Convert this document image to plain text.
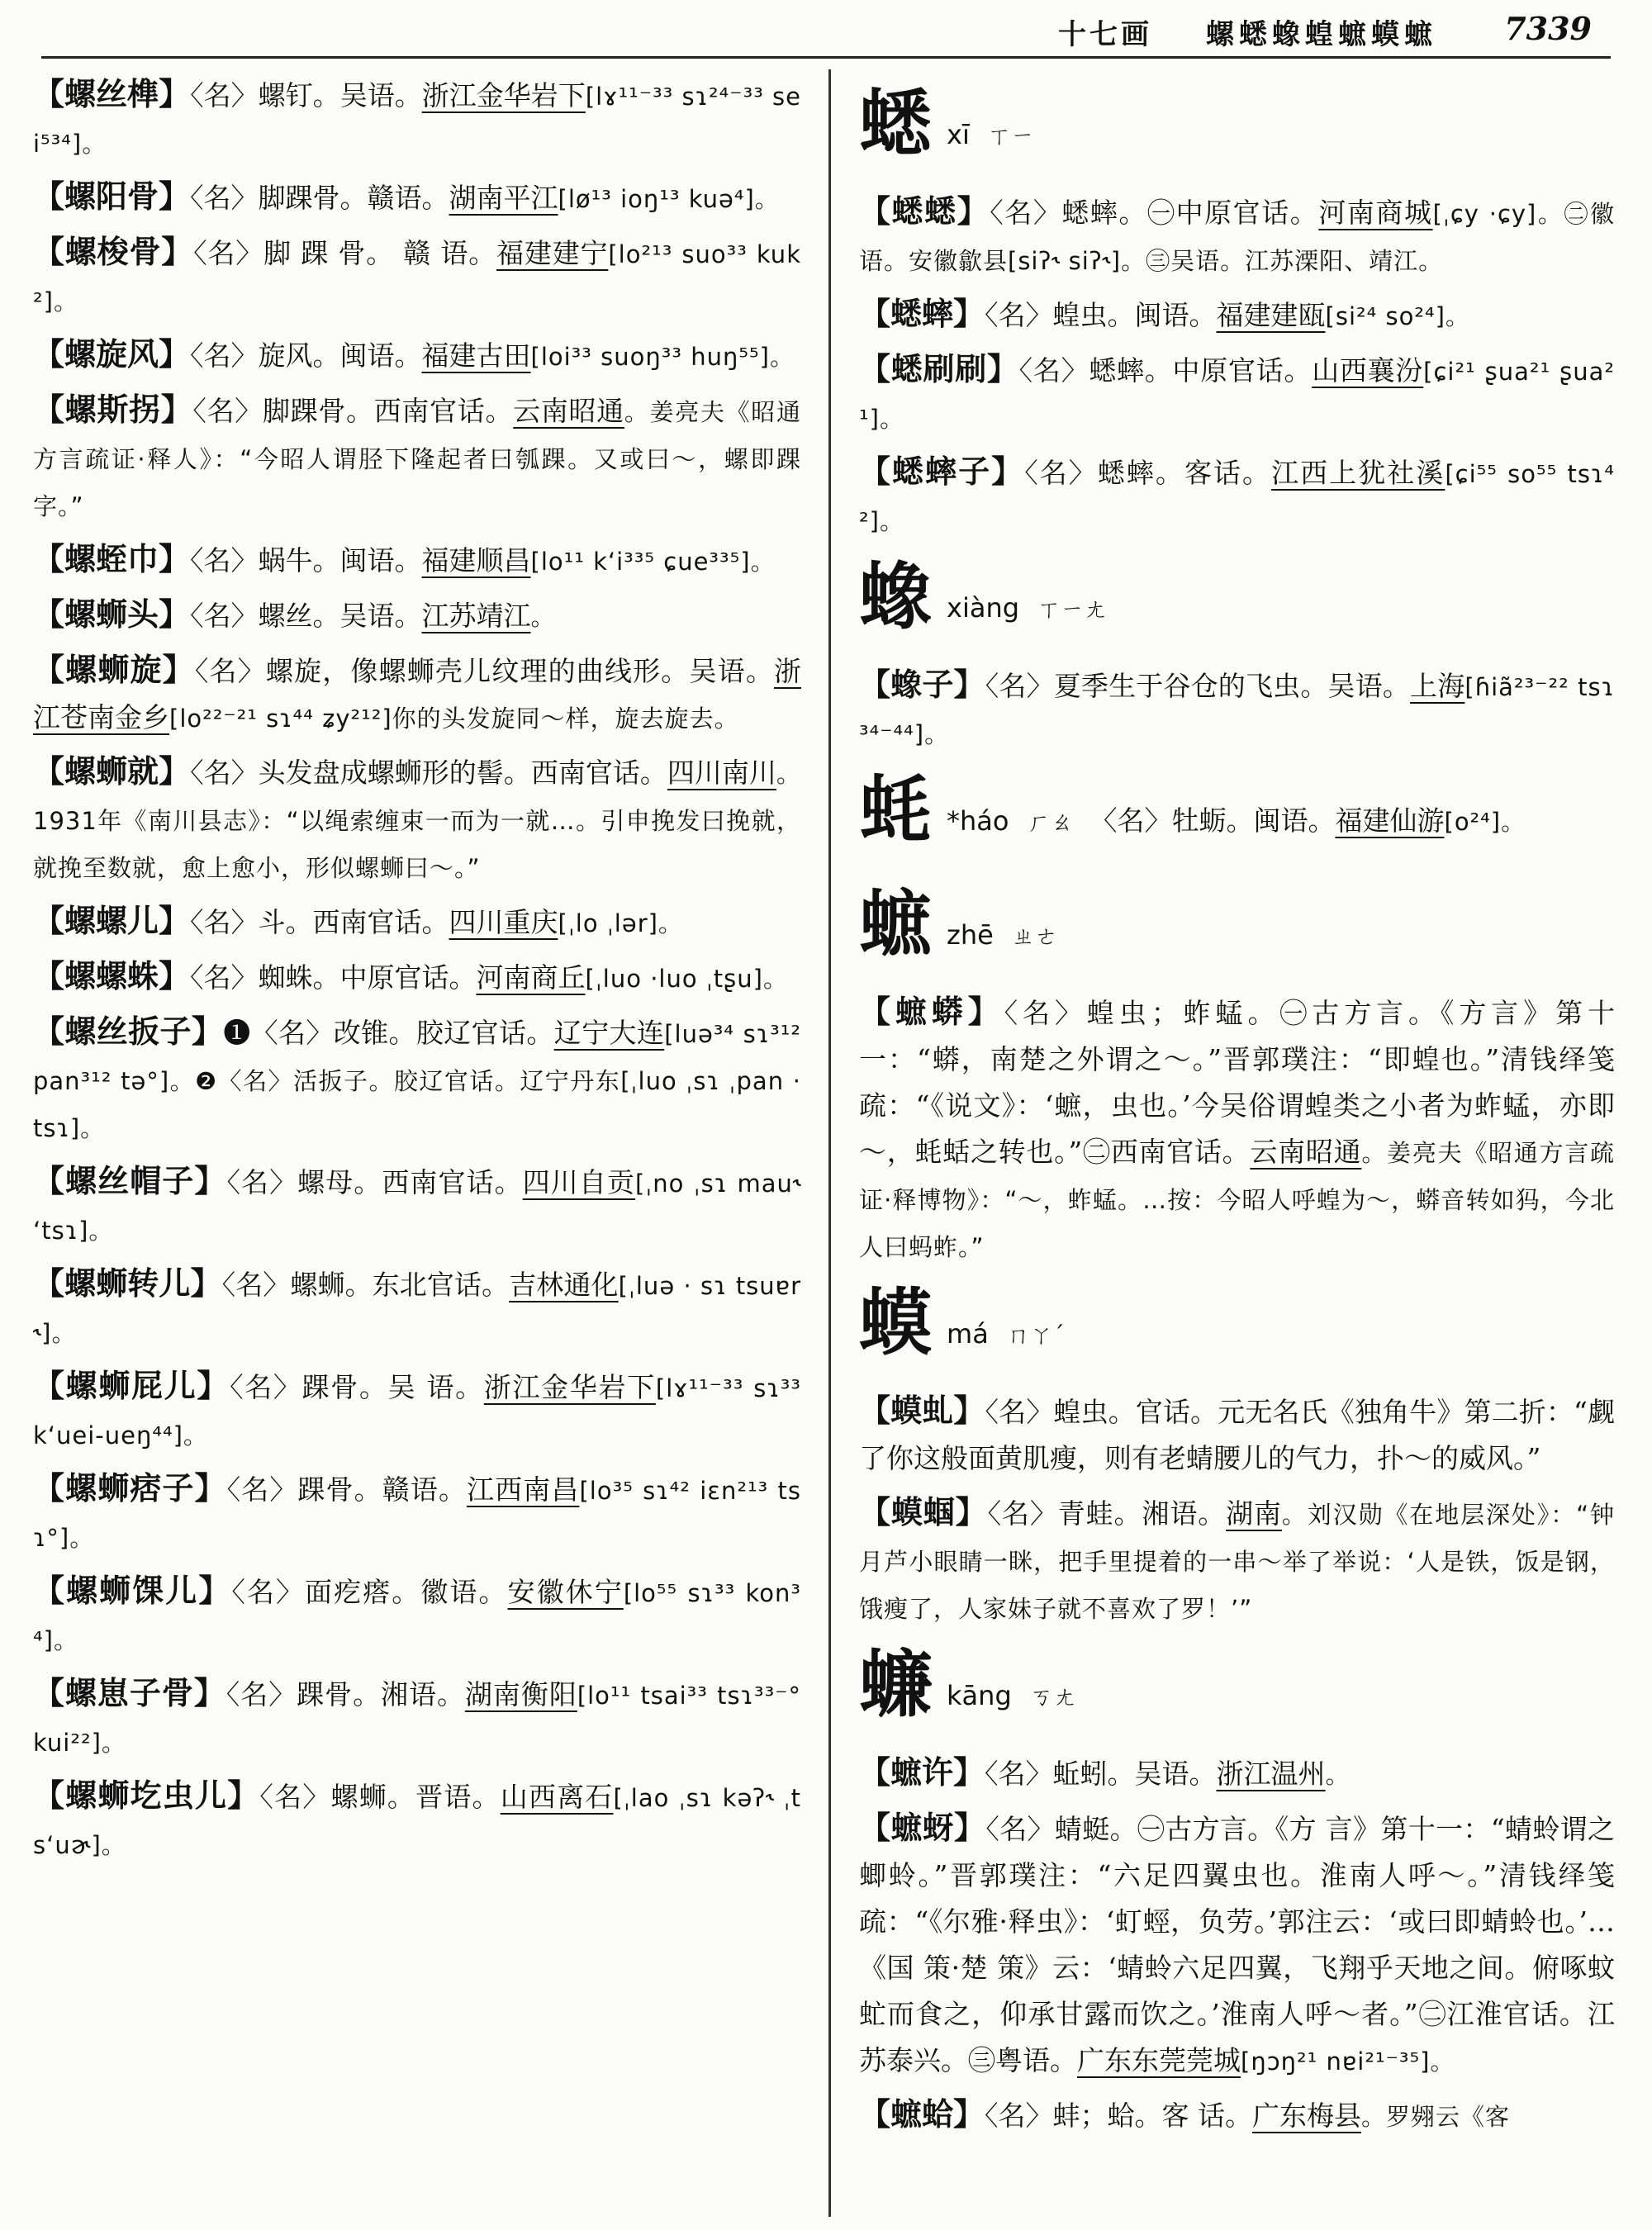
十七画 螺蟋蟓蝗蟅蟆蟅 7339
【螺丝榫】〈名〉螺钉。吴语。浙江金华岩下[lɤ¹¹⁻³³ sɿ²⁴⁻³³ sei⁵³⁴]。
【螺阳骨】〈名〉脚踝骨。赣语。湖南平江[lø¹³ ioŋ¹³ kuə⁴]。
【螺梭骨】〈名〉脚 踝 骨。 赣 语。福建建宁[lo²¹³ suo³³ kuk²]。
【螺旋风】〈名〉旋风。闽语。福建古田[loi³³ suoŋ³³ huŋ⁵⁵]。
【螺斯拐】〈名〉脚踝骨。西南官话。云南昭通。姜亮夫《昭通方言疏证·释人》：“今昭人谓胫下隆起者曰瓠踝。又或曰～，螺即踝字。”
【螺蛭巾】〈名〉蜗牛。闽语。福建顺昌[lo¹¹ k‘i³³⁵ ɕue³³⁵]。
【螺蛳头】〈名〉螺丝。吴语。江苏靖江。
【螺蛳旋】〈名〉螺旋，像螺蛳壳儿纹理的曲线形。吴语。浙江苍南金乡[lo²²⁻²¹ sɿ⁴⁴ ʑy²¹²]你的头发旋同～样，旋去旋去。
【螺蛳就】〈名〉头发盘成螺蛳形的髻。西南官话。四川南川。1931年《南川县志》：“以绳索缠束一而为一就…。引申挽发曰挽就，就挽至数就，愈上愈小，形似螺蛳曰～。”
【螺螺儿】〈名〉斗。西南官话。四川重庆[ˌlo ˌlər]。
【螺螺蛛】〈名〉蜘蛛。中原官话。河南商丘[ˌluo ·luo ˌtʂu]。
【螺丝扳子】❶〈名〉改锥。胶辽官话。辽宁大连[luə³⁴ sɿ³¹² pan³¹² tə°]。❷〈名〉活扳子。胶辽官话。辽宁丹东[ˌluo ˌsɿ ˌpan ·tsɿ]。
【螺丝帽子】〈名〉螺母。西南官话。四川自贡[ˌno ˌsɿ mau˞ ‘tsɿ]。
【螺蛳转儿】〈名〉螺蛳。东北官话。吉林通化[ˌluə · sɿ tsuɐr˞]。
【螺蛳屁儿】〈名〉踝骨。吴 语。浙江金华岩下[lɤ¹¹⁻³³ sɿ³³ k‘uei-ueŋ⁴⁴]。
【螺蛳痞子】〈名〉踝骨。赣语。江西南昌[lo³⁵ sɿ⁴² iɛn²¹³ tsɿ°]。
【螺蛳馃儿】〈名〉面疙瘩。徽语。安徽休宁[lo⁵⁵ sɿ³³ kon³⁴]。
【螺崽子骨】〈名〉踝骨。湘语。湖南衡阳[lo¹¹ tsai³³ tsɿ³³⁻° kui²²]。
【螺蛳圪虫儿】〈名〉螺蛳。晋语。山西离石[ˌlao ˌsɿ kəʔ˞ ˌts‘uɚ]。
蟋xī ㄒㄧ
【蟋蟋】〈名〉蟋蟀。㊀中原官话。河南商城[ˌɕy ·ɕy]。㊁徽语。安徽歙县[siʔ˞ siʔ˞]。㊂吴语。江苏溧阳、靖江。
【蟋蟀】〈名〉蝗虫。闽语。福建建瓯[si²⁴ so²⁴]。
【蟋刷刷】〈名〉蟋蟀。中原官话。山西襄汾[ɕi²¹ ʂua²¹ ʂua²¹]。
【蟋蟀子】〈名〉蟋蟀。客话。江西上犹社溪[ɕi⁵⁵ so⁵⁵ tsɿ⁴²]。
蟓xiàng ㄒㄧㄤ
【蟓子】〈名〉夏季生于谷仓的飞虫。吴语。上海[ɦiã²³⁻²² tsɿ³⁴⁻⁴⁴]。
蚝 *háo ㄏㄠ 〈名〉牡蛎。闽语。福建仙游[o²⁴]。
蟅zhē ㄓㄜ
【蟅蟒】〈名〉蝗虫；蚱蜢。㊀古方言。《方言》第十一：“蟒，南楚之外谓之～。”晋郭璞注：“即蝗也。”清钱绎笺疏：“《说文》：‘蟅，虫也。’今吴俗谓蝗类之小者为蚱蜢，亦即～，蚝蛞之转也。”㊁西南官话。云南昭通。姜亮夫《昭通方言疏证·释博物》：“～，蚱蜢。…按：今昭人呼蝗为～，蟒音转如犸，今北人曰蚂蚱。”
蟆má ㄇㄚˊ
【蟆虬】〈名〉蝗虫。官话。元无名氏《独角牛》第二折：“觑了你这般面黄肌瘦，则有老蜻腰儿的气力，扑～的威风。”
【蟆蝈】〈名〉青蛙。湘语。湖南。刘汉勋《在地层深处》：“钟月芦小眼睛一眯，把手里提着的一串～举了举说：‘人是铁，饭是钢，饿瘦了，人家妹子就不喜欢了罗！’”
蠊kāng ㄎㄤ
【蟅许】〈名〉蚯蚓。吴语。浙江温州。
【蟅蚜】〈名〉蜻蜓。㊀古方言。《方 言》第十一：“蜻蛉谓之蝍蛉。”晋郭璞注：“六足四翼虫也。淮南人呼～。”清钱绎笺疏：“《尔雅·释虫》：‘虰蛵，负劳。’郭注云：‘或曰即蜻蛉也。’…《国 策·楚 策》云：‘蜻蛉六足四翼，飞翔乎天地之间。俯啄蚊虻而食之，仰承甘露而饮之。’淮南人呼～者。”㊁江淮官话。江苏泰兴。㊂粤语。广东东莞莞城[ŋɔŋ²¹ nɐi²¹⁻³⁵]。
【蟅蛤】〈名〉蚌；蛤。客 话。广东梅县。罗翙云《客
